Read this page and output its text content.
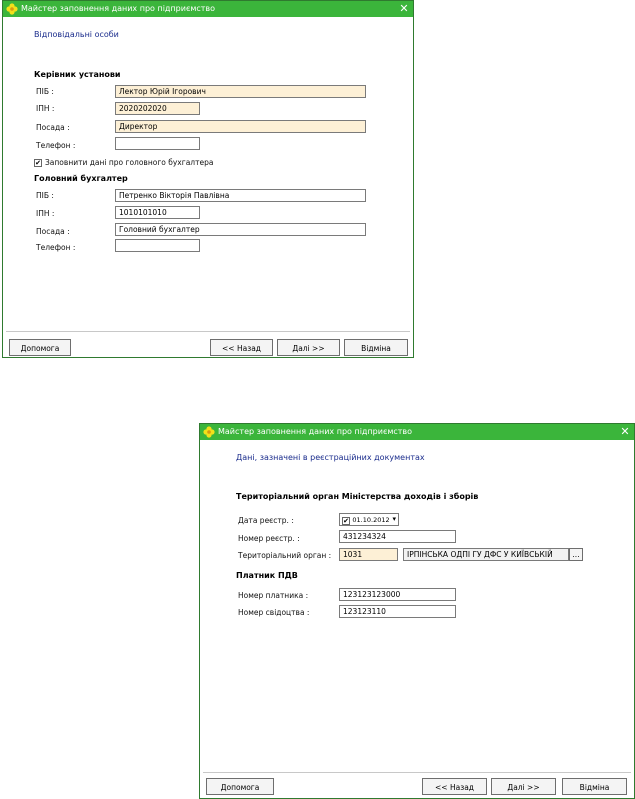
Майстер заповнення даних про підприємство	✕
Відповідальні особи
Керівник установи
ПІБ :	Лектор Юрій Ігорович
ІПН :	2020202020
Посада :	Директор
Телефон :
✔ Заповнити дані про головного бухгалтера
Головний бухгалтер
ПІБ :	Петренко Вікторія Павлівна
ІПН :	1010101010
Посада :	Головний бухгалтер
Телефон :
Допомога	<< Назад	Далі >>	Відміна
Майстер заповнення даних про підприємство	✕
Дані, зазначені в реєстраційних документах
Територіальний орган Міністерства доходів і зборів
Дата реєстр. :	✔ 01.10.2012 ▾
Номер реєстр. :	431234324
Територіальний орган :	1031	ІРПІНСЬКА ОДПІ ГУ ДФС У КИЇВСЬКІЙ	...
Платник ПДВ
Номер платника :	123123123000
Номер свідоцтва :	123123110
Допомога	<< Назад	Далі >>	Відміна
